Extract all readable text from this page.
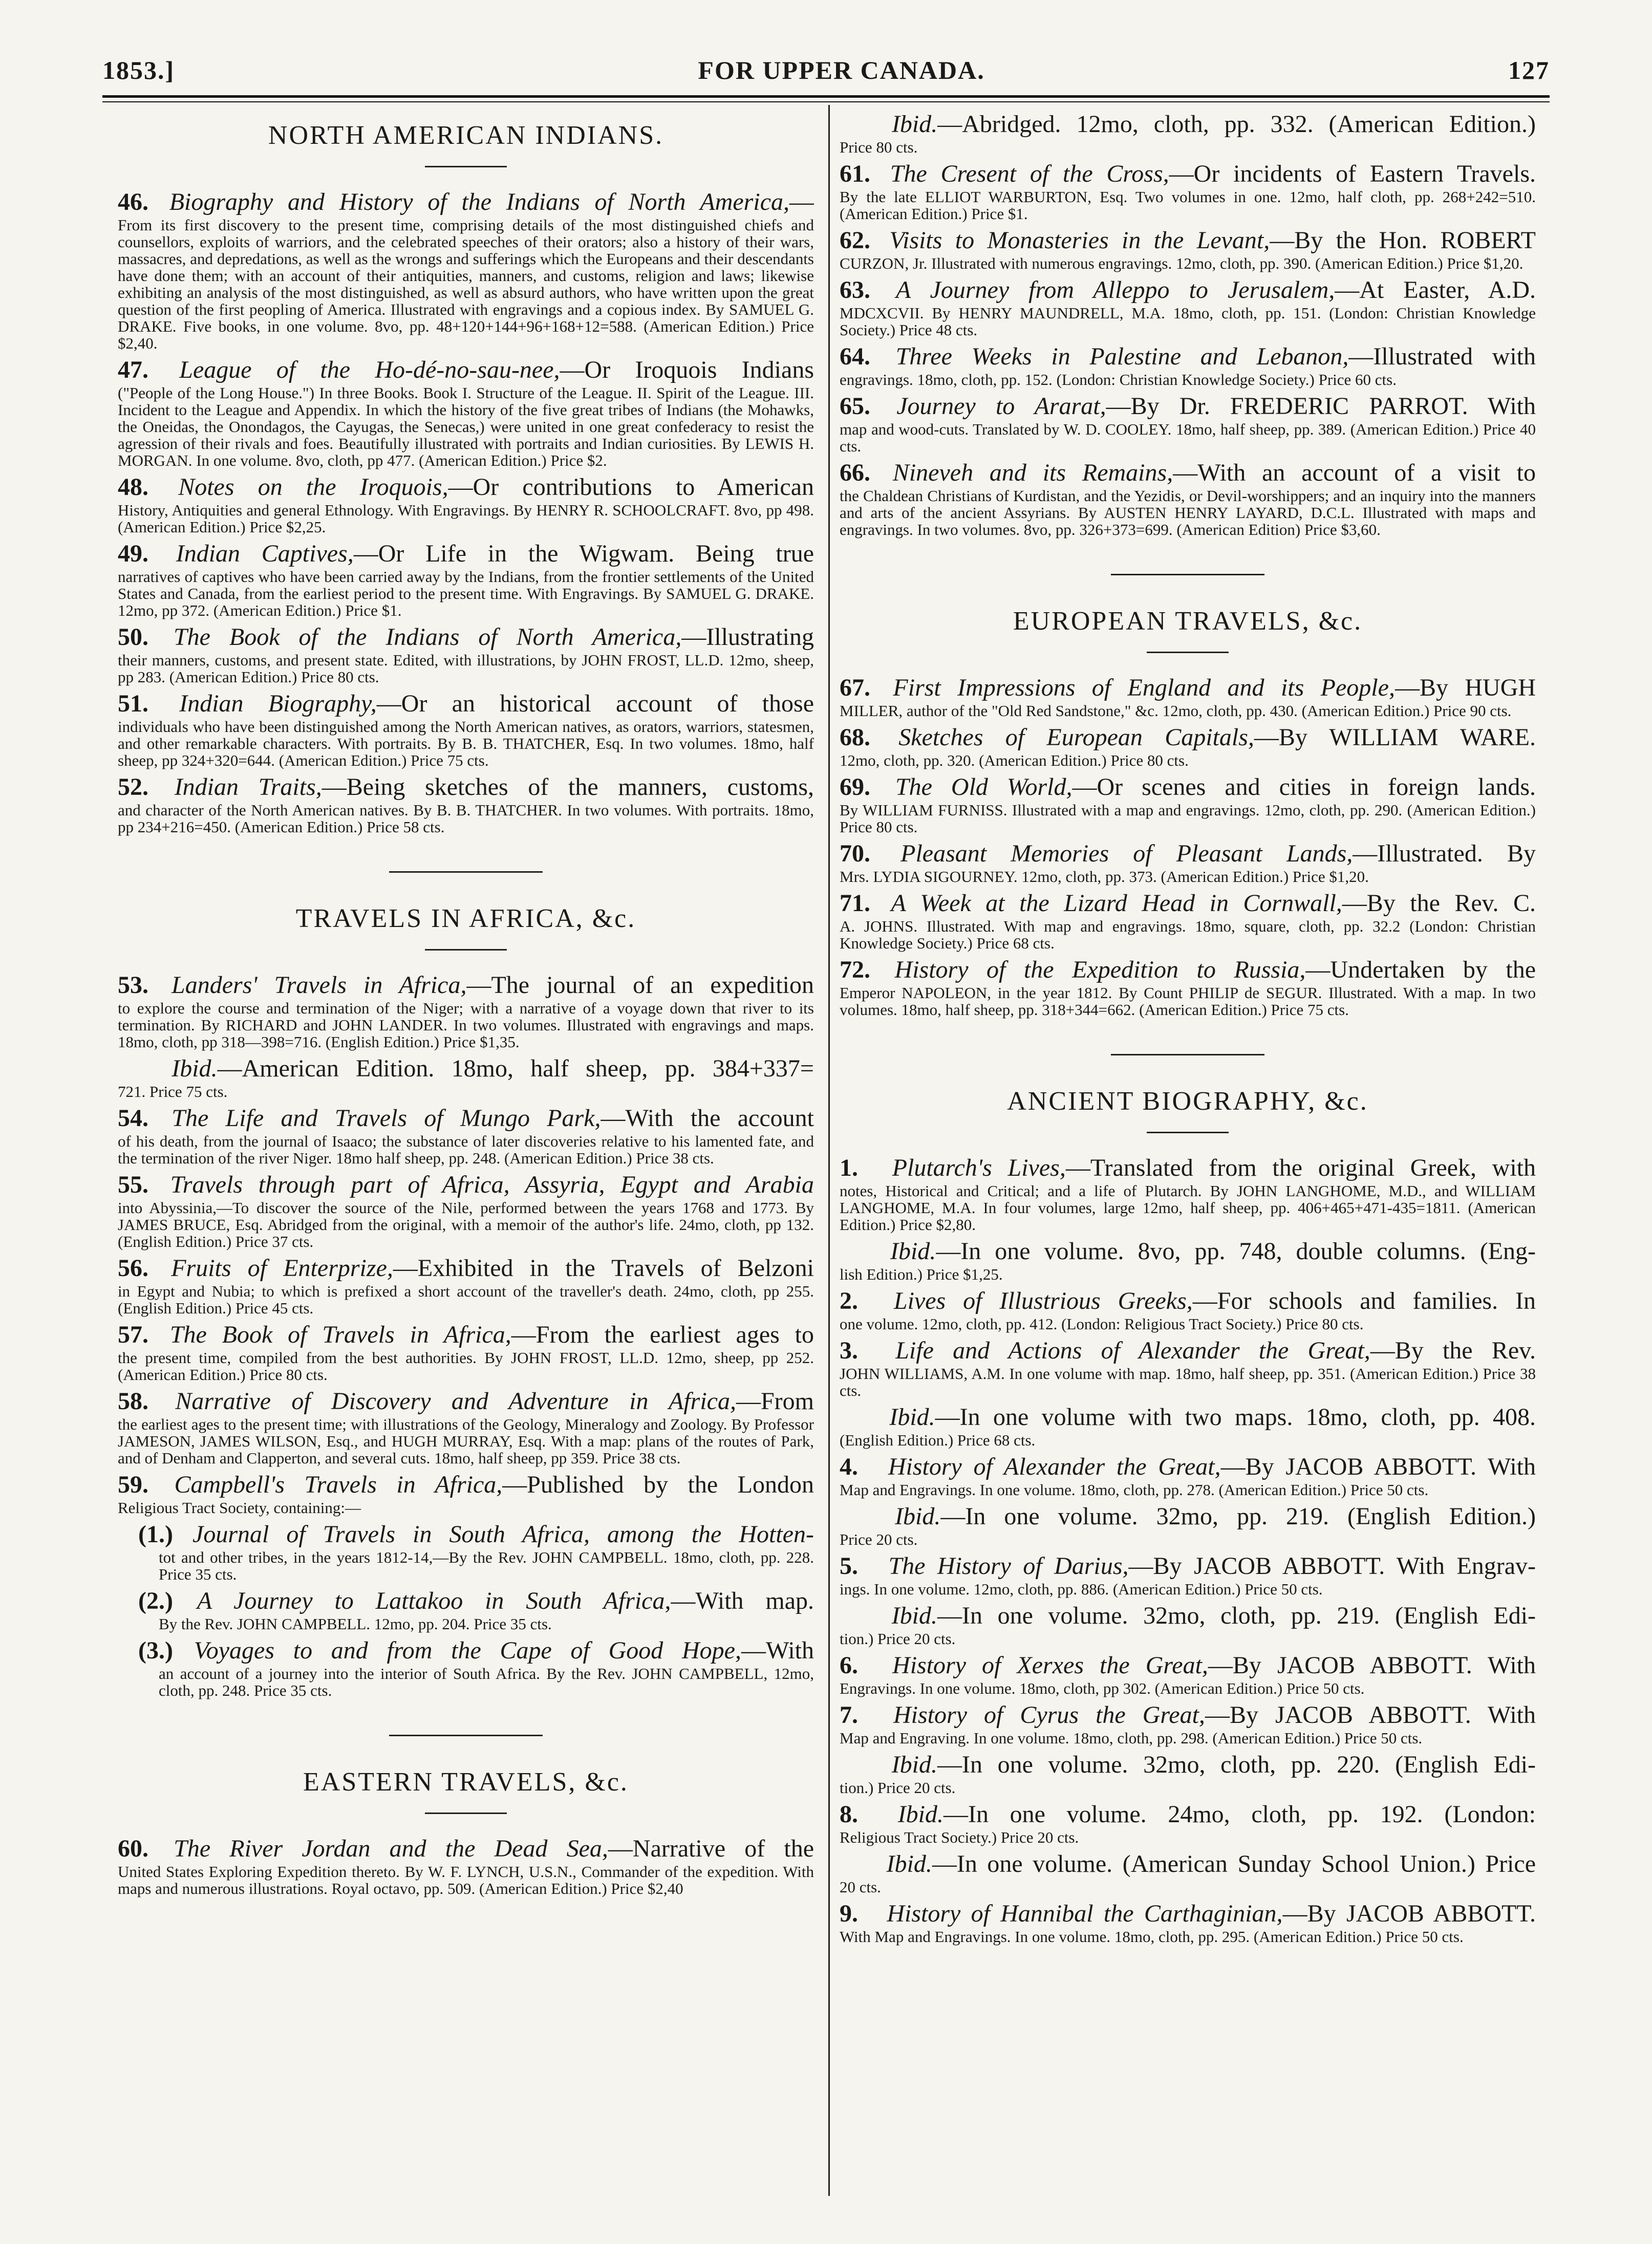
1853.]	FOR UPPER CANADA.	127
NORTH AMERICAN INDIANS.
46. Biography and History of the Indians of North America,—
From its first discovery to the present time, comprising details of the most distinguished chiefs and counsellors, exploits of warriors, and the celebrated speeches of their orators; also a history of their wars, massacres, and depredations, as well as the wrongs and sufferings which the Europeans and their descendants have done them; with an account of their antiquities, manners, and customs, religion and laws; likewise exhibiting an analysis of the most distinguished, as well as absurd authors, who have written upon the great question of the first peopling of America. Illustrated with engravings and a copious index. By SAMUEL G. DRAKE. Five books, in one volume. 8vo, pp. 48+120+144+96+168+12=588. (American Edition.) Price $2,40.
47. League of the Ho-dé-no-sau-nee,—Or Iroquois Indians
("People of the Long House.") In three Books. Book I. Structure of the League. II. Spirit of the League. III. Incident to the League and Appendix. In which the history of the five great tribes of Indians (the Mohawks, the Oneidas, the Onondagos, the Cayugas, the Senecas,) were united in one great confederacy to resist the agression of their rivals and foes. Beautifully illustrated with portraits and Indian curiosities. By LEWIS H. MORGAN. In one volume. 8vo, cloth, pp 477. (American Edition.) Price $2.
48. Notes on the Iroquois,—Or contributions to American
History, Antiquities and general Ethnology. With Engravings. By HENRY R. SCHOOLCRAFT. 8vo, pp 498. (American Edition.) Price $2,25.
49. Indian Captives,—Or Life in the Wigwam. Being true
narratives of captives who have been carried away by the Indians, from the frontier settlements of the United States and Canada, from the earliest period to the present time. With Engravings. By SAMUEL G. DRAKE. 12mo, pp 372. (American Edition.) Price $1.
50. The Book of the Indians of North America,—Illustrating
their manners, customs, and present state. Edited, with illustrations, by JOHN FROST, LL.D. 12mo, sheep, pp 283. (American Edition.) Price 80 cts.
51. Indian Biography,—Or an historical account of those
individuals who have been distinguished among the North American natives, as orators, warriors, statesmen, and other remarkable characters. With portraits. By B. B. THATCHER, Esq. In two volumes. 18mo, half sheep, pp 324+320=644. (American Edition.) Price 75 cts.
52. Indian Traits,—Being sketches of the manners, customs,
and character of the North American natives. By B. B. THATCHER. In two volumes. With portraits. 18mo, pp 234+216=450. (American Edition.) Price 58 cts.
TRAVELS IN AFRICA, &c.
53. Landers' Travels in Africa,—The journal of an expedition
to explore the course and termination of the Niger; with a narrative of a voyage down that river to its termination. By RICHARD and JOHN LANDER. In two volumes. Illustrated with engravings and maps. 18mo, cloth, pp 318—398=716. (English Edition.) Price $1,35.
Ibid.—American Edition. 18mo, half sheep, pp. 384+337=
721. Price 75 cts.
54. The Life and Travels of Mungo Park,—With the account
of his death, from the journal of Isaaco; the substance of later discoveries relative to his lamented fate, and the termination of the river Niger. 18mo half sheep, pp. 248. (American Edition.) Price 38 cts.
55. Travels through part of Africa, Assyria, Egypt and Arabia
into Abyssinia,—To discover the source of the Nile, performed between the years 1768 and 1773. By JAMES BRUCE, Esq. Abridged from the original, with a memoir of the author's life. 24mo, cloth, pp 132. (English Edition.) Price 37 cts.
56. Fruits of Enterprize,—Exhibited in the Travels of Belzoni
in Egypt and Nubia; to which is prefixed a short account of the traveller's death. 24mo, cloth, pp 255. (English Edition.) Price 45 cts.
57. The Book of Travels in Africa,—From the earliest ages to
the present time, compiled from the best authorities. By JOHN FROST, LL.D. 12mo, sheep, pp 252. (American Edition.) Price 80 cts.
58. Narrative of Discovery and Adventure in Africa,—From
the earliest ages to the present time; with illustrations of the Geology, Mineralogy and Zoology. By Professor JAMESON, JAMES WILSON, Esq., and HUGH MURRAY, Esq. With a map: plans of the routes of Park, and of Denham and Clapperton, and several cuts. 18mo, half sheep, pp 359. Price 38 cts.
59. Campbell's Travels in Africa,—Published by the London
Religious Tract Society, containing:—
(1.) Journal of Travels in South Africa, among the Hotten-
tot and other tribes, in the years 1812-14,—By the Rev. JOHN CAMPBELL. 18mo, cloth, pp. 228. Price 35 cts.
(2.) A Journey to Lattakoo in South Africa,—With map.
By the Rev. JOHN CAMPBELL. 12mo, pp. 204. Price 35 cts.
(3.) Voyages to and from the Cape of Good Hope,—With
an account of a journey into the interior of South Africa. By the Rev. JOHN CAMPBELL, 12mo, cloth, pp. 248. Price 35 cts.
EASTERN TRAVELS, &c.
60. The River Jordan and the Dead Sea,—Narrative of the
United States Exploring Expedition thereto. By W. F. LYNCH, U.S.N., Commander of the expedition. With maps and numerous illustrations. Royal octavo, pp. 509. (American Edition.) Price $2,40
Ibid.—Abridged. 12mo, cloth, pp. 332. (American Edition.)
Price 80 cts.
61. The Cresent of the Cross,—Or incidents of Eastern Travels.
By the late ELLIOT WARBURTON, Esq. Two volumes in one. 12mo, half cloth, pp. 268+242=510. (American Edition.) Price $1.
62. Visits to Monasteries in the Levant,—By the Hon. ROBERT
CURZON, Jr. Illustrated with numerous engravings. 12mo, cloth, pp. 390. (American Edition.) Price $1,20.
63. A Journey from Alleppo to Jerusalem,—At Easter, A.D.
MDCXCVII. By HENRY MAUNDRELL, M.A. 18mo, cloth, pp. 151. (London: Christian Knowledge Society.) Price 48 cts.
64. Three Weeks in Palestine and Lebanon,—Illustrated with
engravings. 18mo, cloth, pp. 152. (London: Christian Knowledge Society.) Price 60 cts.
65. Journey to Ararat,—By Dr. FREDERIC PARROT. With
map and wood-cuts. Translated by W. D. COOLEY. 18mo, half sheep, pp. 389. (American Edition.) Price 40 cts.
66. Nineveh and its Remains,—With an account of a visit to
the Chaldean Christians of Kurdistan, and the Yezidis, or Devil-worshippers; and an inquiry into the manners and arts of the ancient Assyrians. By AUSTEN HENRY LAYARD, D.C.L. Illustrated with maps and engravings. In two volumes. 8vo, pp. 326+373=699. (American Edition) Price $3,60.
EUROPEAN TRAVELS, &c.
67. First Impressions of England and its People,—By HUGH
MILLER, author of the "Old Red Sandstone," &c. 12mo, cloth, pp. 430. (American Edition.) Price 90 cts.
68. Sketches of European Capitals,—By WILLIAM WARE.
12mo, cloth, pp. 320. (American Edition.) Price 80 cts.
69. The Old World,—Or scenes and cities in foreign lands.
By WILLIAM FURNISS. Illustrated with a map and engravings. 12mo, cloth, pp. 290. (American Edition.) Price 80 cts.
70. Pleasant Memories of Pleasant Lands,—Illustrated. By
Mrs. LYDIA SIGOURNEY. 12mo, cloth, pp. 373. (American Edition.) Price $1,20.
71. A Week at the Lizard Head in Cornwall,—By the Rev. C.
A. JOHNS. Illustrated. With map and engravings. 18mo, square, cloth, pp. 32.2 (London: Christian Knowledge Society.) Price 68 cts.
72. History of the Expedition to Russia,—Undertaken by the
Emperor NAPOLEON, in the year 1812. By Count PHILIP de SEGUR. Illustrated. With a map. In two volumes. 18mo, half sheep, pp. 318+344=662. (American Edition.) Price 75 cts.
ANCIENT BIOGRAPHY, &c.
1. Plutarch's Lives,—Translated from the original Greek, with
notes, Historical and Critical; and a life of Plutarch. By JOHN LANGHOME, M.D., and WILLIAM LANGHOME, M.A. In four volumes, large 12mo, half sheep, pp. 406+465+471-435=1811. (American Edition.) Price $2,80.
Ibid.—In one volume. 8vo, pp. 748, double columns. (Eng-
lish Edition.) Price $1,25.
2. Lives of Illustrious Greeks,—For schools and families. In
one volume. 12mo, cloth, pp. 412. (London: Religious Tract Society.) Price 80 cts.
3. Life and Actions of Alexander the Great,—By the Rev.
JOHN WILLIAMS, A.M. In one volume with map. 18mo, half sheep, pp. 351. (American Edition.) Price 38 cts.
Ibid.—In one volume with two maps. 18mo, cloth, pp. 408.
(English Edition.) Price 68 cts.
4. History of Alexander the Great,—By JACOB ABBOTT. With
Map and Engravings. In one volume. 18mo, cloth, pp. 278. (American Edition.) Price 50 cts.
Ibid.—In one volume. 32mo, pp. 219. (English Edition.)
Price 20 cts.
5. The History of Darius,—By JACOB ABBOTT. With Engrav-
ings. In one volume. 12mo, cloth, pp. 886. (American Edition.) Price 50 cts.
Ibid.—In one volume. 32mo, cloth, pp. 219. (English Edi-
tion.) Price 20 cts.
6. History of Xerxes the Great,—By JACOB ABBOTT. With
Engravings. In one volume. 18mo, cloth, pp 302. (American Edition.) Price 50 cts.
7. History of Cyrus the Great,—By JACOB ABBOTT. With
Map and Engraving. In one volume. 18mo, cloth, pp. 298. (American Edition.) Price 50 cts.
Ibid.—In one volume. 32mo, cloth, pp. 220. (English Edi-
tion.) Price 20 cts.
8. Ibid.—In one volume. 24mo, cloth, pp. 192. (London:
Religious Tract Society.) Price 20 cts.
Ibid.—In one volume. (American Sunday School Union.) Price
20 cts.
9. History of Hannibal the Carthaginian,—By JACOB ABBOTT.
With Map and Engravings. In one volume. 18mo, cloth, pp. 295. (American Edition.) Price 50 cts.
